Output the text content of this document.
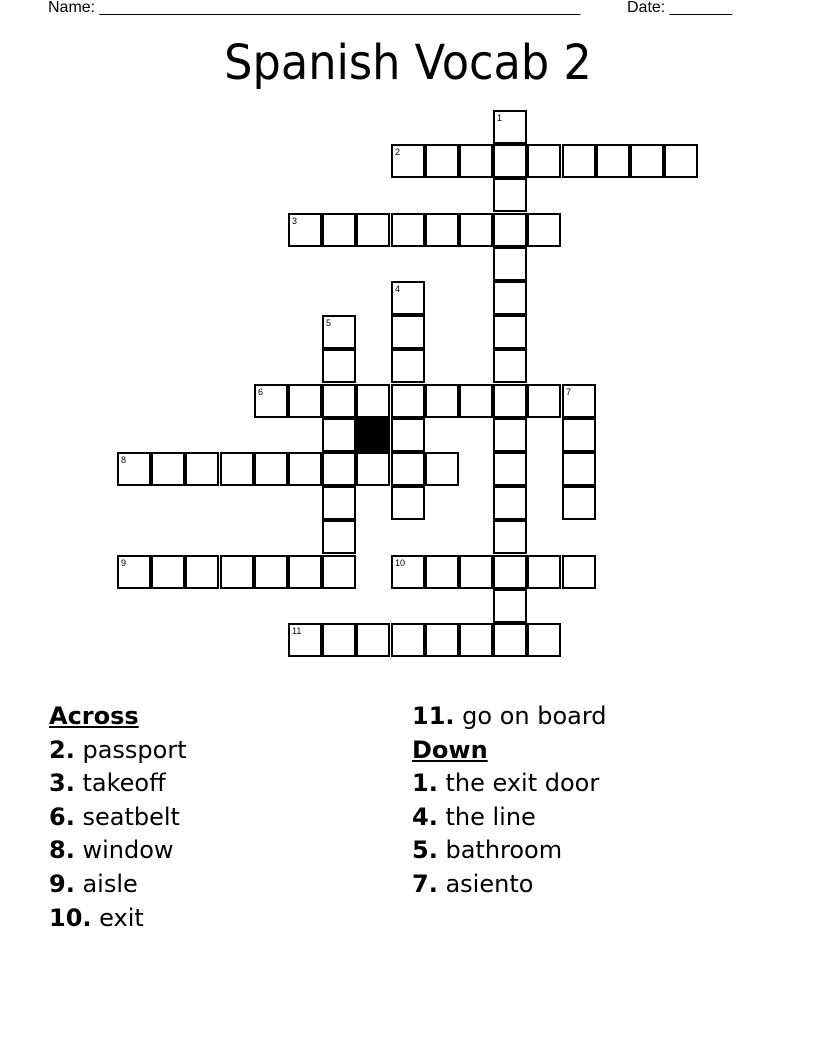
Name: ______________________________________________________	Date: _______
Spanish Vocab 2
1
2
3
4
5
6	7
8
9	10
11
Across
2. passport
3. takeoff
6. seatbelt
8. window
9. aisle
10. exit
11. go on board
Down
1. the exit door
4. the line
5. bathroom
7. asiento
